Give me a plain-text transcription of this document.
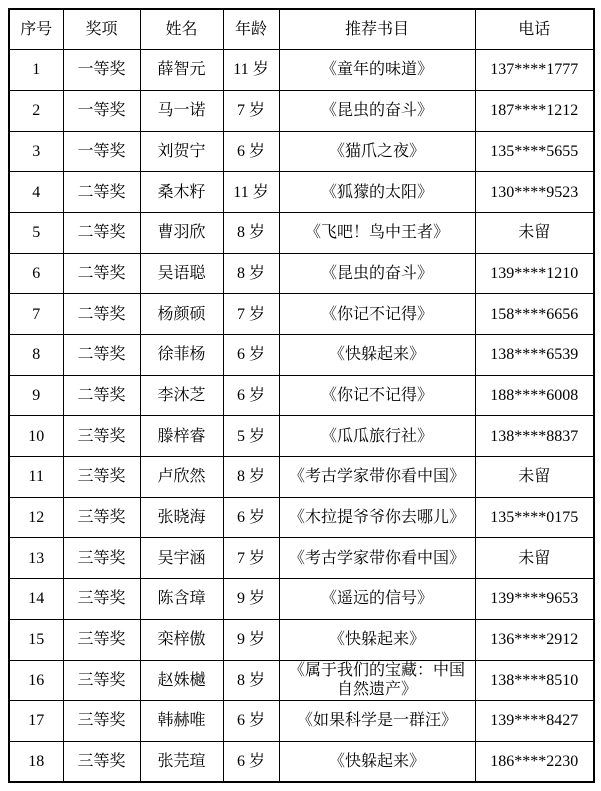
序号	奖项	姓名	年龄	推荐书目	电话
1	一等奖	薛智元	11 岁	《童年的味道》	137****1777
2	一等奖	马一诺	7 岁	《昆虫的奋斗》	187****1212
3	一等奖	刘贺宁	6 岁	《猫爪之夜》	135****5655
4	二等奖	桑木籽	11 岁	《狐獴的太阳》	130****9523
5	二等奖	曹羽欣	8 岁	《飞吧！鸟中王者》	未留
6	二等奖	吴语聪	8 岁	《昆虫的奋斗》	139****1210
7	二等奖	杨颜硕	7 岁	《你记不记得》	158****6656
8	二等奖	徐菲杨	6 岁	《快躲起来》	138****6539
9	二等奖	李沐芝	6 岁	《你记不记得》	188****6008
10	三等奖	滕梓睿	5 岁	《瓜瓜旅行社》	138****8837
11	三等奖	卢欣然	8 岁	《考古学家带你看中国》	未留
12	三等奖	张晓海	6 岁	《木拉提爷爷你去哪儿》	135****0175
13	三等奖	吴宇涵	7 岁	《考古学家带你看中国》	未留
14	三等奖	陈含璋	9 岁	《遥远的信号》	139****9653
15	三等奖	栾梓傲	9 岁	《快躲起来》	136****2912
16	三等奖	赵姝樾	8 岁	《属于我们的宝藏：中国自然遗产》	138****8510
17	三等奖	韩赫唯	6 岁	《如果科学是一群汪》	139****8427
18	三等奖	张芫瑄	6 岁	《快躲起来》	186****2230
